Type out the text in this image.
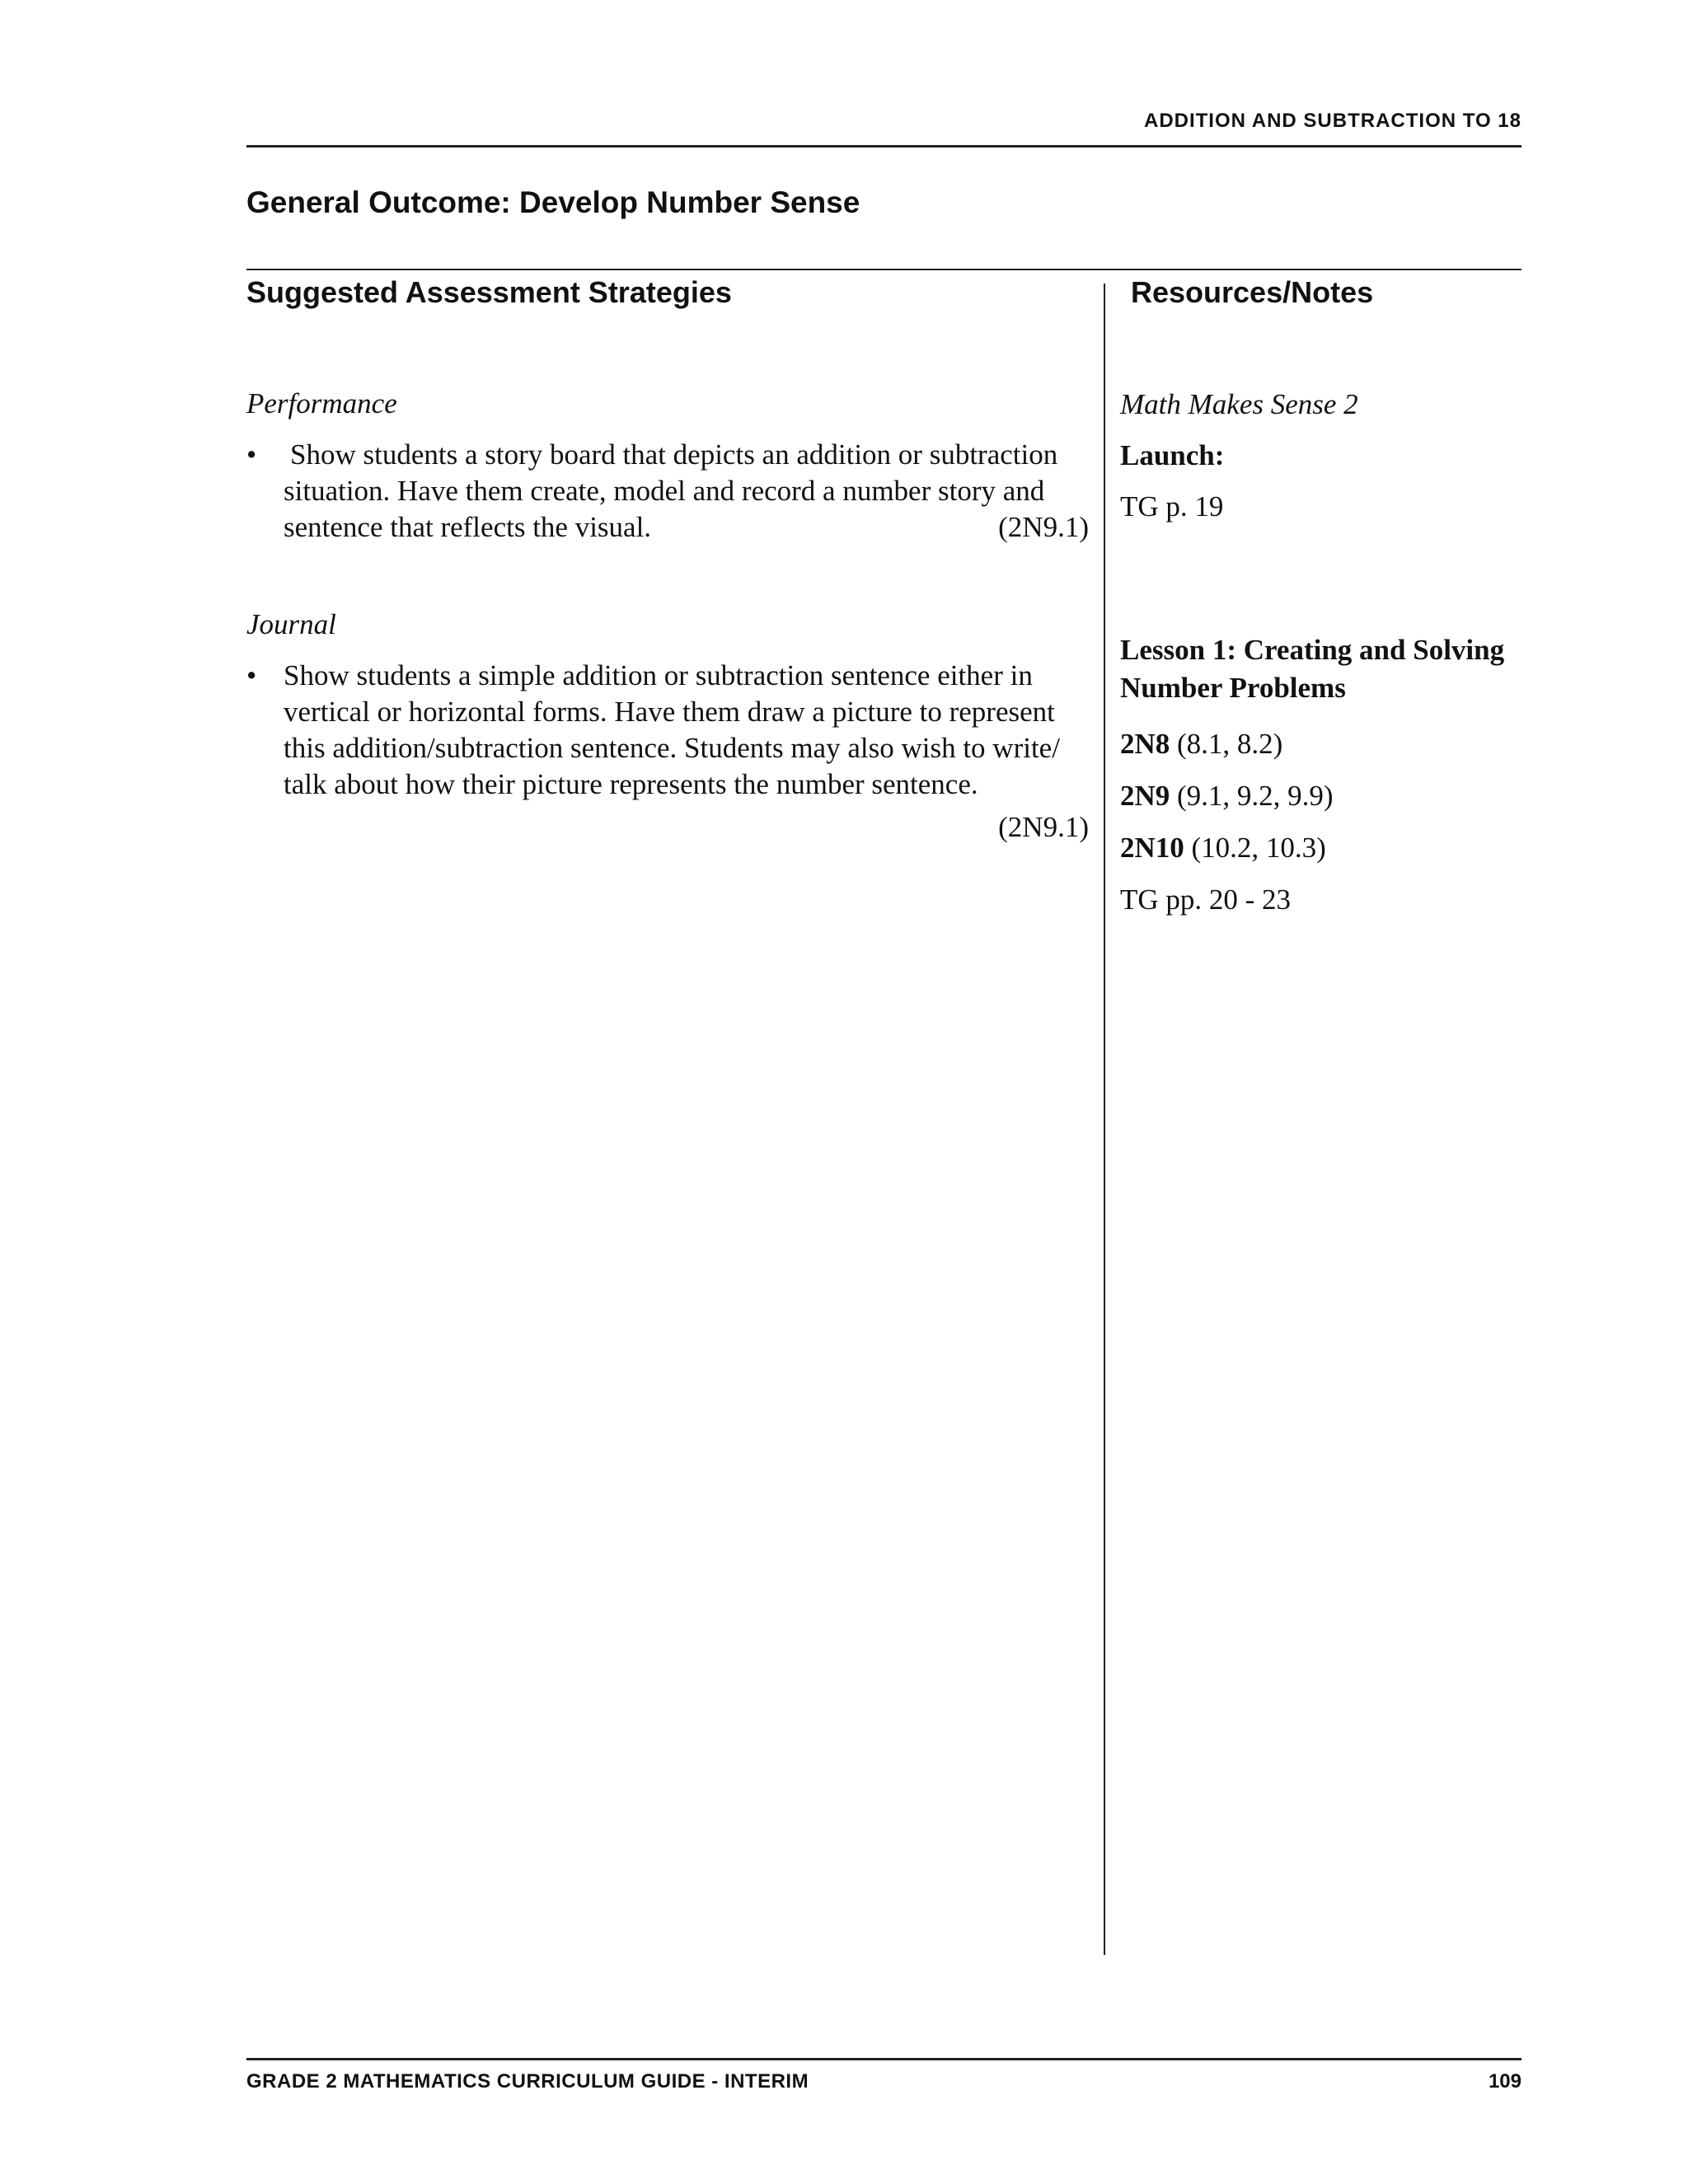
ADDITION AND SUBTRACTION TO 18
General Outcome: Develop Number Sense
Suggested Assessment Strategies	Resources/Notes
Performance
• Show students a story board that depicts an addition or subtraction
situation. Have them create, model and record a number story and
sentence that reflects the visual.	(2N9.1)
Journal
• Show students a simple addition or subtraction sentence either in
vertical or horizontal forms. Have them draw a picture to represent
this addition/subtraction sentence. Students may also wish to write/
talk about how their picture represents the number sentence.
(2N9.1)
Math Makes Sense 2
Launch:
TG p. 19
Lesson 1: Creating and Solving
Number Problems
2N8 (8.1, 8.2)
2N9 (9.1, 9.2, 9.9)
2N10 (10.2, 10.3)
TG pp. 20 - 23
GRADE 2 MATHEMATICS CURRICULUM GUIDE - INTERIM	109
